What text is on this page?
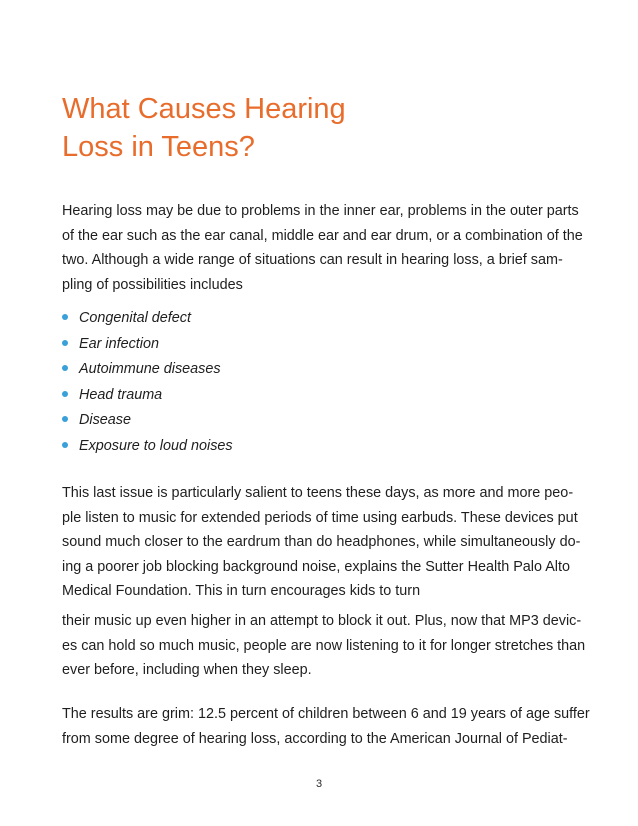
What Causes Hearing
Loss in Teens?

Hearing loss may be due to problems in the inner ear, problems in the outer parts
of the ear such as the ear canal, middle ear and ear drum, or a combination of the
two. Although a wide range of situations can result in hearing loss, a brief sam-
pling of possibilities includes

Congenital defect
Ear infection
Autoimmune diseases
Head trauma
Disease
Exposure to loud noises

This last issue is particularly salient to teens these days, as more and more peo-
ple listen to music for extended periods of time using earbuds. These devices put
sound much closer to the eardrum than do headphones, while simultaneously do-
ing a poorer job blocking background noise, explains the Sutter Health Palo Alto
Medical Foundation. This in turn encourages kids to turn

their music up even higher in an attempt to block it out. Plus, now that MP3 devic-
es can hold so much music, people are now listening to it for longer stretches than
ever before, including when they sleep.

The results are grim: 12.5 percent of children between 6 and 19 years of age suffer
from some degree of hearing loss, according to the American Journal of Pediat-

3
